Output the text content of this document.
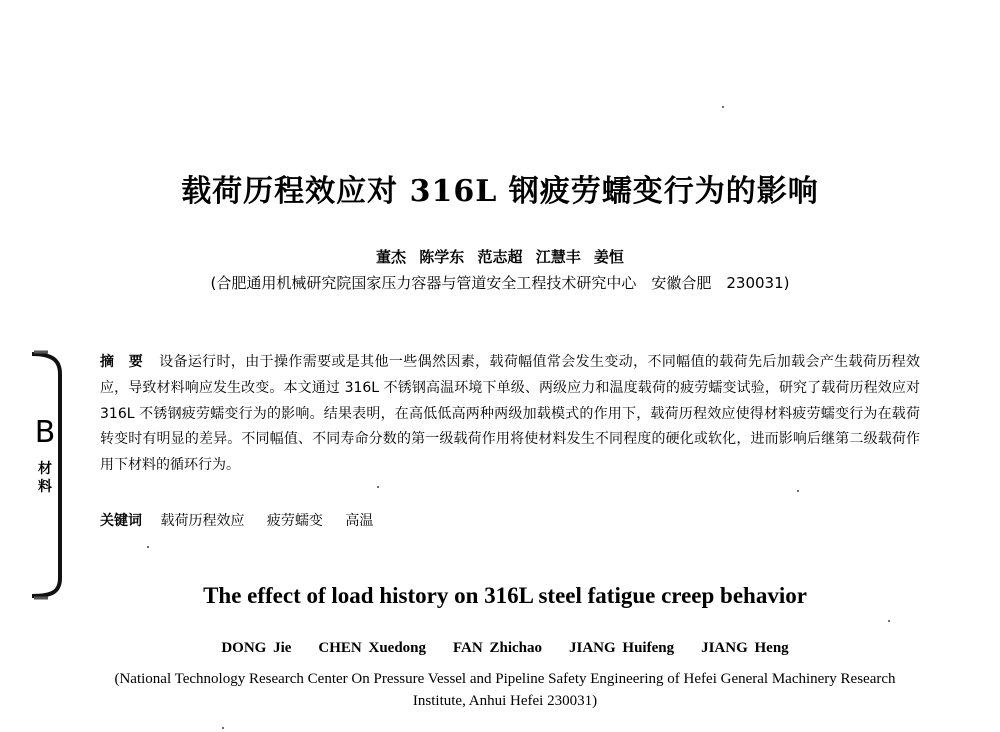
载荷历程效应对 316L 钢疲劳蠕变行为的影响
董杰 陈学东 范志超 江慧丰 姜恒
(合肥通用机械研究院国家压力容器与管道安全工程技术研究中心　安徽合肥　230031)
B
材料
摘　要 设备运行时，由于操作需要或是其他一些偶然因素，载荷幅值常会发生变动，不同幅值的载荷先后加载会产生载荷历程效应，导致材料响应发生改变。本文通过 316L 不锈钢高温环境下单级、两级应力和温度载荷的疲劳蠕变试验，研究了载荷历程效应对 316L 不锈钢疲劳蠕变行为的影响。结果表明，在高低低高两种两级加载模式的作用下，载荷历程效应使得材料疲劳蠕变行为在载荷转变时有明显的差异。不同幅值、不同寿命分数的第一级载荷作用将使材料发生不同程度的硬化或软化，进而影响后继第二级载荷作用下材料的循环行为。
关键词 载荷历程效应 疲劳蠕变 高温
The effect of load history on 316L steel fatigue creep behavior
DONG Jie    CHEN Xuedong    FAN Zhichao    JIANG Huifeng    JIANG Heng
(National Technology Research Center On Pressure Vessel and Pipeline Safety Engineering of Hefei General Machinery Research Institute, Anhui Hefei 230031)
